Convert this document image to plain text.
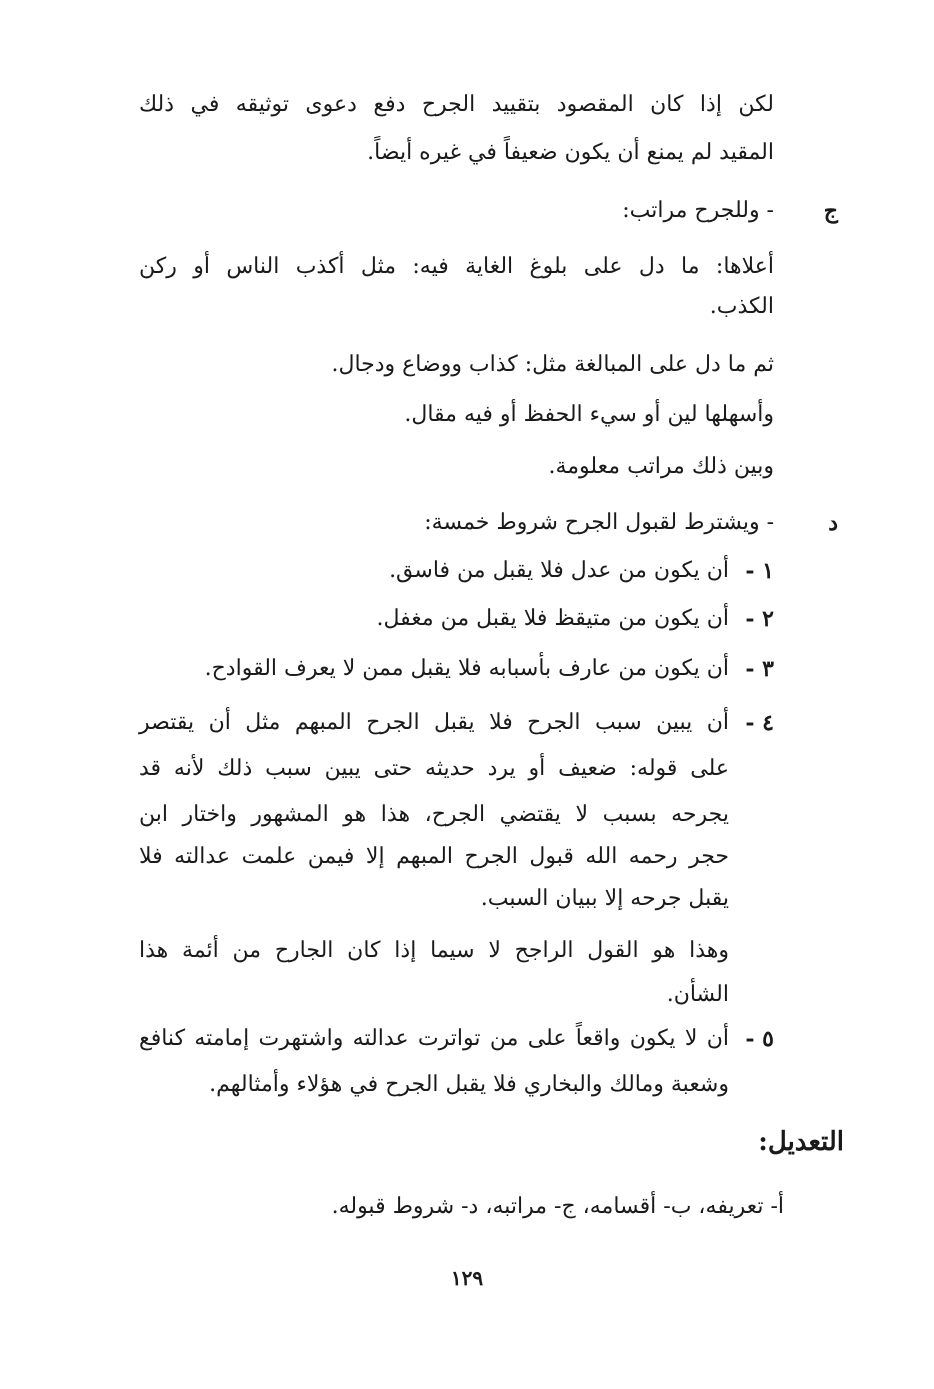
لكن إذا كان المقصود بتقييد الجرح دفع دعوى توثيقه في ذلك
المقيد لم يمنع أن يكون ضعيفاً في غيره أيضاً.
ج
- وللجرح مراتب:
أعلاها: ما دل على بلوغ الغاية فيه: مثل أكذب الناس أو ركن
الكذب.
ثم ما دل على المبالغة مثل: كذاب ووضاع ودجال.
وأسهلها لين أو سيء الحفظ أو فيه مقال.
وبين ذلك مراتب معلومة.
د
- ويشترط لقبول الجرح شروط خمسة:
١ -
أن يكون من عدل فلا يقبل من فاسق.
٢ -
أن يكون من متيقظ فلا يقبل من مغفل.
٣ -
أن يكون من عارف بأسبابه فلا يقبل ممن لا يعرف القوادح.
٤ -
أن يبين سبب الجرح فلا يقبل الجرح المبهم مثل أن يقتصر
على قوله: ضعيف أو يرد حديثه حتى يبين سبب ذلك لأنه قد
يجرحه بسبب لا يقتضي الجرح، هذا هو المشهور واختار ابن
حجر رحمه الله قبول الجرح المبهم إلا فيمن علمت عدالته فلا
يقبل جرحه إلا ببيان السبب.
وهذا هو القول الراجح لا سيما إذا كان الجارح من أئمة هذا
الشأن.
٥ -
أن لا يكون واقعاً على من تواترت عدالته واشتهرت إمامته كنافع
وشعبة ومالك والبخاري فلا يقبل الجرح في هؤلاء وأمثالهم.
التعديل:
أ- تعريفه، ب- أقسامه، ج- مراتبه، د- شروط قبوله.
١٢٩
